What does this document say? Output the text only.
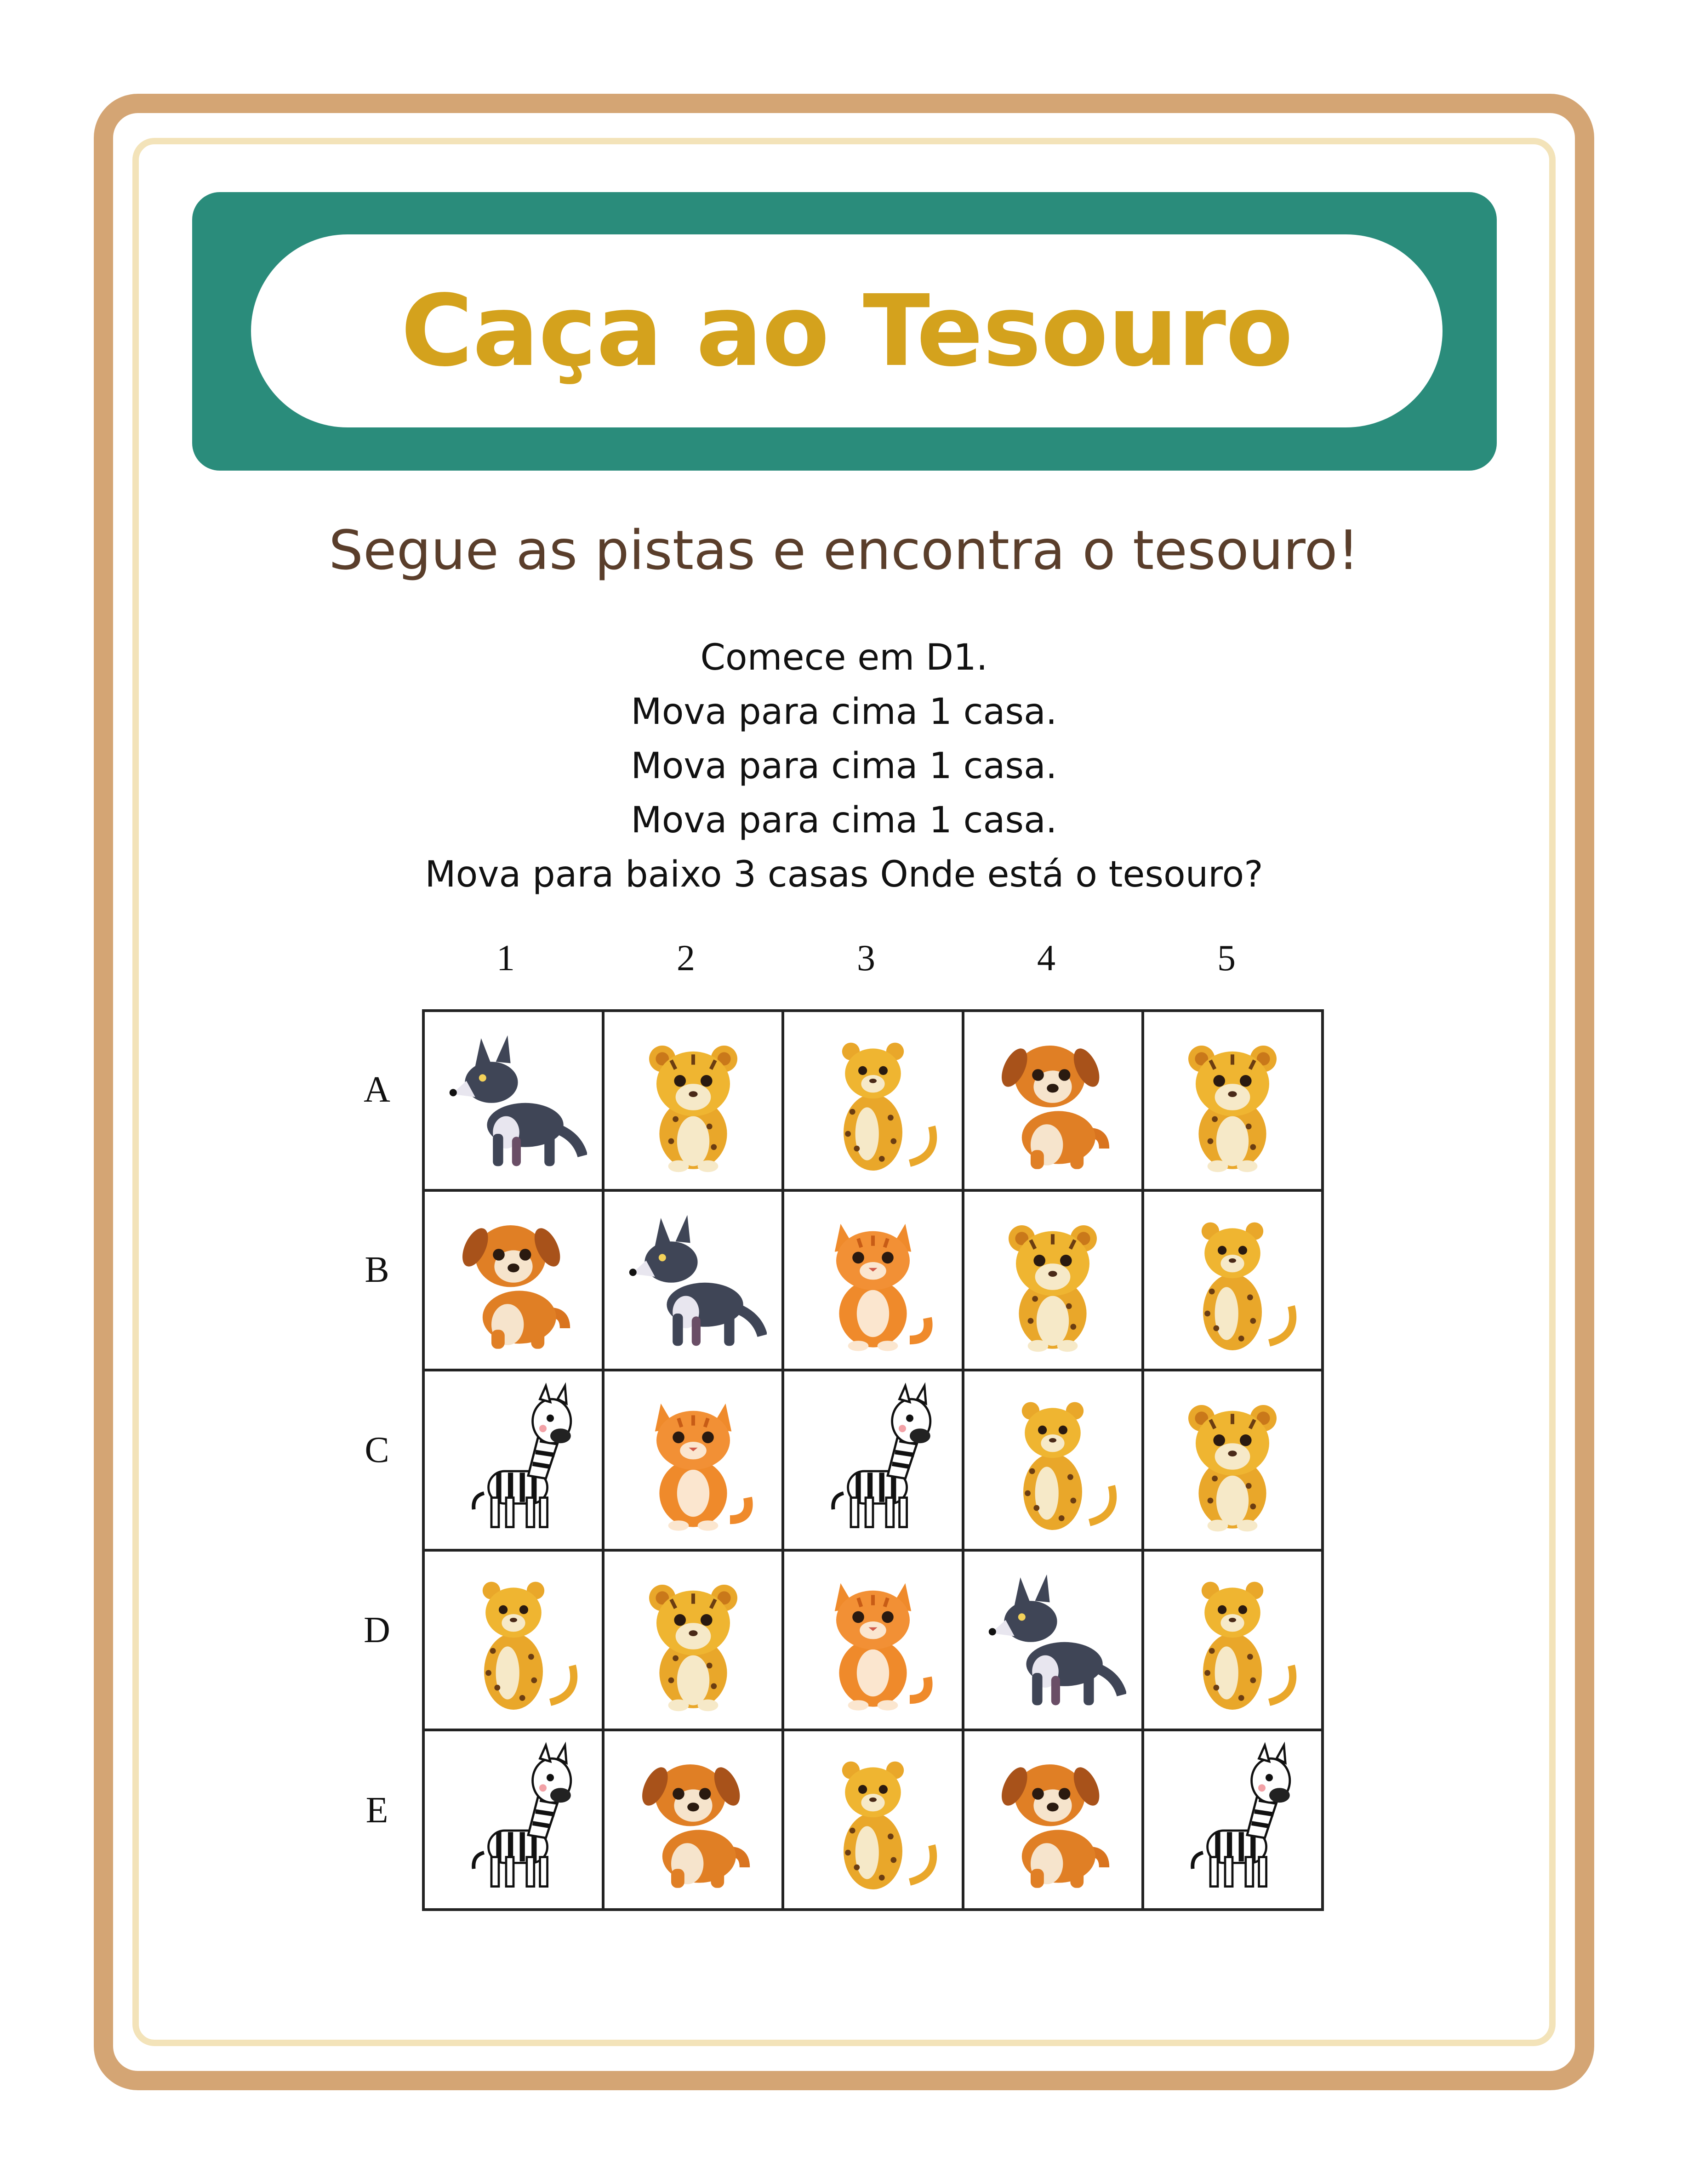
Caça ao Tesouro
Segue as pistas e encontra o tesouro!
Comece em D1.
Mova para cima 1 casa.
Mova para cima 1 casa.
Mova para cima 1 casa.
Mova para baixo 3 casas Onde está o tesouro?
1	2	3	4	5
A
B
C
D
E
